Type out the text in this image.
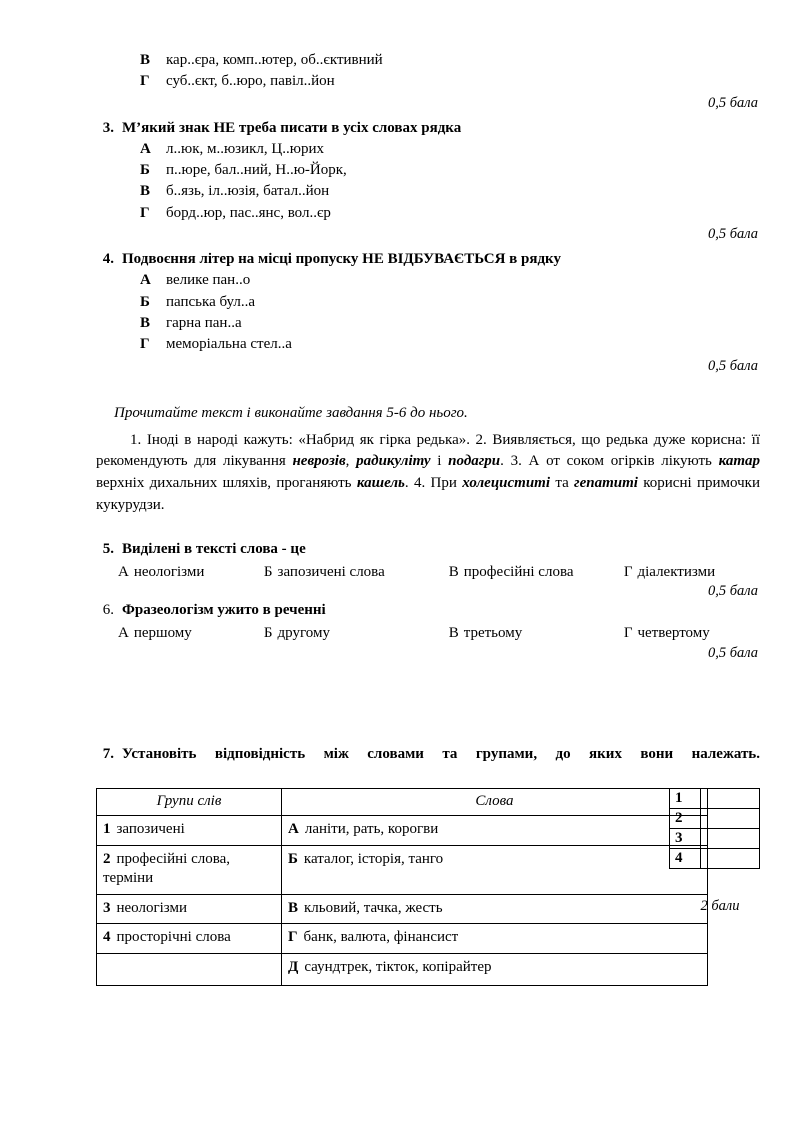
В	кар..єра, комп..ютер, об..єктивний
Г	суб..єкт, б..юро, павіл..йон
0,5 бала
3. М’який знак НЕ треба писати в усіх словах рядка
А	л..юк, м..юзикл, Ц..юрих
Б	п..юре, бал..ний, Н..ю-Йорк,
В	б..язь, іл..юзія, батал..йон
Г	борд..юр, пас..янс, вол..єр
0,5 бала
4. Подвоєння літер на місці пропуску НЕ ВІДБУВАЄТЬСЯ в рядку
А	велике пан..о
Б	папська бул..а
В	гарна пан..а
Г	меморіальна стел..а
0,5 бала
Прочитайте текст і виконайте завдання 5-6 до нього.
1. Іноді в народі кажуть: «Набрид як гірка редька». 2. Виявляється, що редька дуже корисна: її рекомендують для лікування неврозів, радикуліту і подагри. 3. А от соком огірків лікують катар верхніх дихальних шляхів, проганяють кашель. 4. При холециститі та гепатиті корисні примочки кукурудзи.
5. Виділені в тексті слова - це
А неологізми	Б запозичені слова	В професійні слова	Г діалектизми
0,5 бала
6. Фразеологізм ужито в реченні
А першому	Б другому	В третьому	Г четвертому
0,5 бала
7. Установіть відповідність між словами та групами, до яких вони належать.
Групи слів	Слова
1 запозичені	А ланіти, рать, корогви
2 професійні слова, терміни	Б каталог, історія, танго
3 неологізми	В кльовий, тачка, жесть
4 просторічні слова	Г банк, валюта, фінансист
	Д саундтрек, тікток, копірайтер
1	
2	
3	
4	
2 бали
